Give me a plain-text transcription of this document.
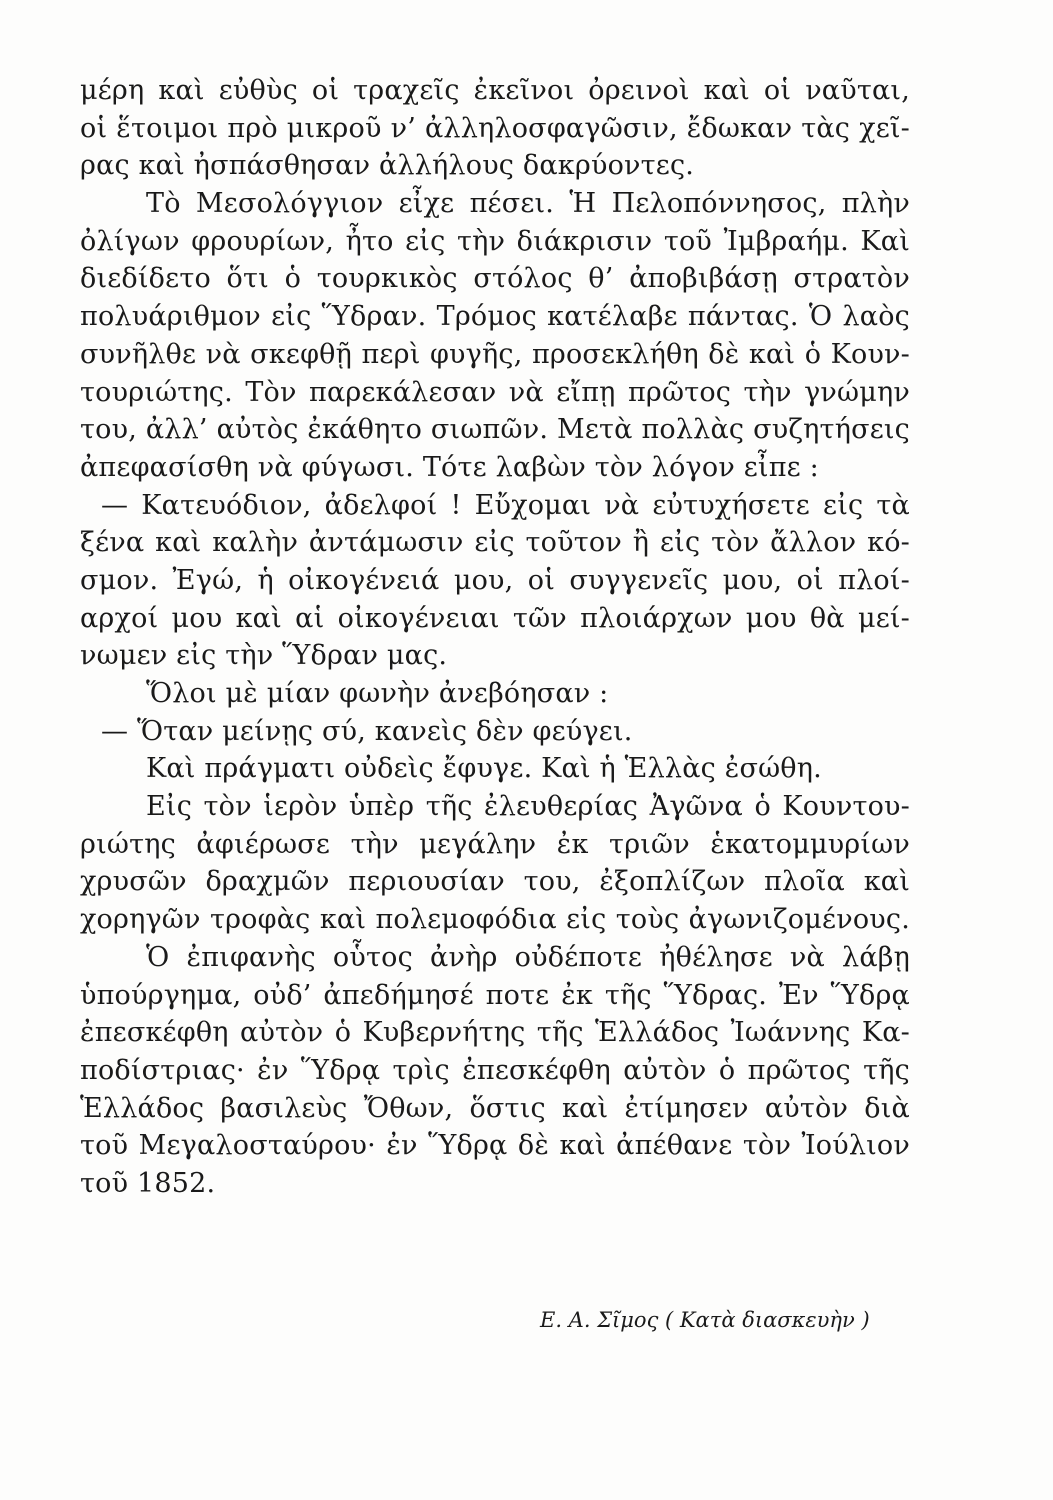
μέρη καὶ εὐθὺς οἱ τραχεῖς ἐκεῖνοι ὀρεινοὶ καὶ οἱ ναῦται,
οἱ ἕτοιμοι πρὸ μικροῦ ν’ ἀλληλοσφαγῶσιν, ἔδωκαν τὰς χεῖ-
ρας καὶ ἠσπάσθησαν ἀλλήλους δακρύοντες.
Τὸ Μεσολόγγιον εἶχε πέσει. Ἡ Πελοπόννησος, πλὴν
ὀλίγων φρουρίων, ἦτο εἰς τὴν διάκρισιν τοῦ Ἰμβραήμ. Καὶ
διεδίδετο ὅτι ὁ τουρκικὸς στόλος θ’ ἀποβιβάσῃ στρατὸν
πολυάριθμον εἰς Ὕδραν. Τρόμος κατέλαβε πάντας. Ὁ λαὸς
συνῆλθε νὰ σκεφθῇ περὶ φυγῆς, προσεκλήθη δὲ καὶ ὁ Κουν-
τουριώτης. Τὸν παρεκάλεσαν νὰ εἴπῃ πρῶτος τὴν γνώμην
του, ἀλλ’ αὐτὸς ἐκάθητο σιωπῶν. Μετὰ πολλὰς συζητήσεις
ἀπεφασίσθη νὰ φύγωσι. Τότε λαβὼν τὸν λόγον εἶπε :
— Κατευόδιον, ἀδελφοί ! Εὔχομαι νὰ εὐτυχήσετε εἰς τὰ
ξένα καὶ καλὴν ἀντάμωσιν εἰς τοῦτον ἢ εἰς τὸν ἄλλον κό-
σμον. Ἐγώ, ἡ οἰκογένειά μου, οἱ συγγενεῖς μου, οἱ πλοί-
αρχοί μου καὶ αἱ οἰκογένειαι τῶν πλοιάρχων μου θὰ μεί-
νωμεν εἰς τὴν Ὕδραν μας.
Ὅλοι μὲ μίαν φωνὴν ἀνεβόησαν :
— Ὅταν μείνῃς σύ, κανεὶς δὲν φεύγει.
Καὶ πράγματι οὐδεὶς ἔφυγε. Καὶ ἡ Ἑλλὰς ἐσώθη.
Εἰς τὸν ἱερὸν ὑπὲρ τῆς ἐλευθερίας Ἀγῶνα ὁ Κουντου-
ριώτης ἀφιέρωσε τὴν μεγάλην ἐκ τριῶν ἑκατομμυρίων
χρυσῶν δραχμῶν περιουσίαν του, ἐξοπλίζων πλοῖα καὶ
χορηγῶν τροφὰς καὶ πολεμοφόδια εἰς τοὺς ἀγωνιζομένους.
Ὁ ἐπιφανὴς οὗτος ἀνὴρ οὐδέποτε ἠθέλησε νὰ λάβῃ
ὑπούργημα, οὐδ’ ἀπεδήμησέ ποτε ἐκ τῆς Ὕδρας. Ἐν Ὕδρᾳ
ἐπεσκέφθη αὐτὸν ὁ Κυβερνήτης τῆς Ἑλλάδος Ἰωάννης Κα-
ποδίστριας· ἐν Ὕδρᾳ τρὶς ἐπεσκέφθη αὐτὸν ὁ πρῶτος τῆς
Ἑλλάδος βασιλεὺς Ὄθων, ὅστις καὶ ἐτίμησεν αὐτὸν διὰ
τοῦ Μεγαλοσταύρου· ἐν Ὕδρᾳ δὲ καὶ ἀπέθανε τὸν Ἰούλιον
τοῦ 1852.
Ε. Α. Σῖμος ( Κατὰ διασκευὴν )
